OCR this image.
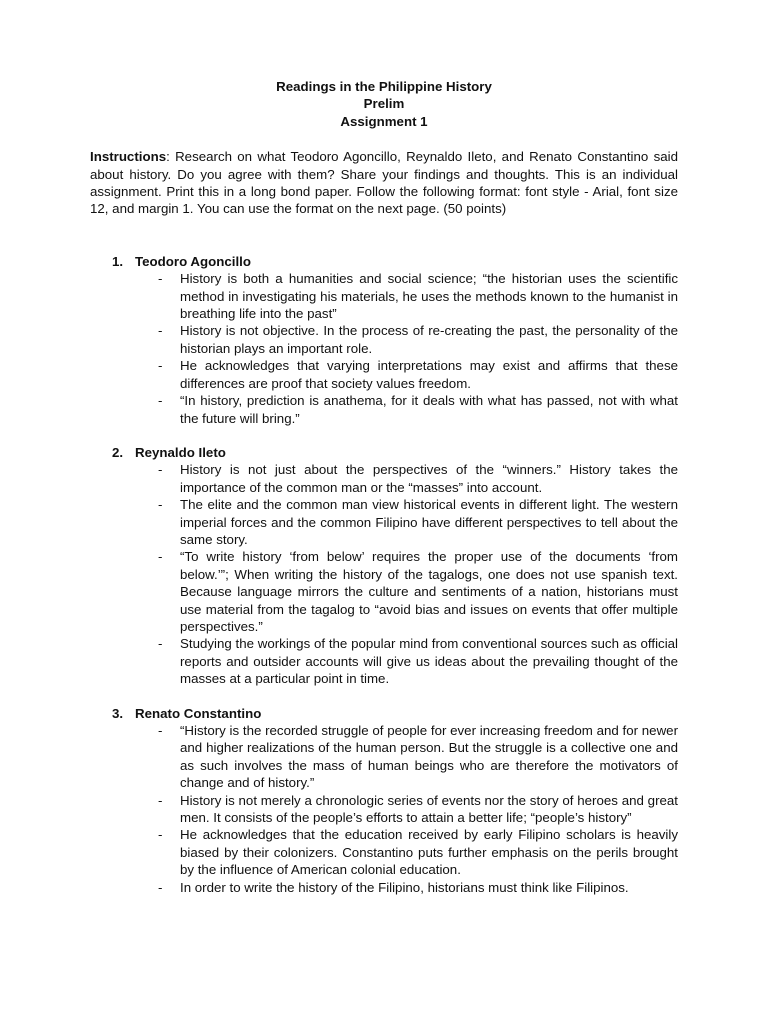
Readings in the Philippine History
Prelim
Assignment 1

Instructions: Research on what Teodoro Agoncillo, Reynaldo Ileto, and Renato Constantino said about history. Do you agree with them? Share your findings and thoughts. This is an individual assignment. Print this in a long bond paper. Follow the following format: font style - Arial, font size 12, and margin 1. You can use the format on the next page. (50 points)

1. Teodoro Agoncillo
- History is both a humanities and social science; “the historian uses the scientific method in investigating his materials, he uses the methods known to the humanist in breathing life into the past”
- History is not objective. In the process of re-creating the past, the personality of the historian plays an important role.
- He acknowledges that varying interpretations may exist and affirms that these differences are proof that society values freedom.
- “In history, prediction is anathema, for it deals with what has passed, not with what the future will bring.”
2. Reynaldo Ileto
- History is not just about the perspectives of the “winners.” History takes the importance of the common man or the “masses” into account.
- The elite and the common man view historical events in different light. The western imperial forces and the common Filipino have different perspectives to tell about the same story.
- “To write history ‘from below’ requires the proper use of the documents ‘from below.’”; When writing the history of the tagalogs, one does not use spanish text. Because language mirrors the culture and sentiments of a nation, historians must use material from the tagalog to “avoid bias and issues on events that offer multiple perspectives.”
- Studying the workings of the popular mind from conventional sources such as official reports and outsider accounts will give us ideas about the prevailing thought of the masses at a particular point in time.
3. Renato Constantino
- “History is the recorded struggle of people for ever increasing freedom and for newer and higher realizations of the human person. But the struggle is a collective one and as such involves the mass of human beings who are therefore the motivators of change and of history.”
- History is not merely a chronologic series of events nor the story of heroes and great men. It consists of the people’s efforts to attain a better life; “people’s history”
- He acknowledges that the education received by early Filipino scholars is heavily biased by their colonizers. Constantino puts further emphasis on the perils brought by the influence of American colonial education.
- In order to write the history of the Filipino, historians must think like Filipinos.
